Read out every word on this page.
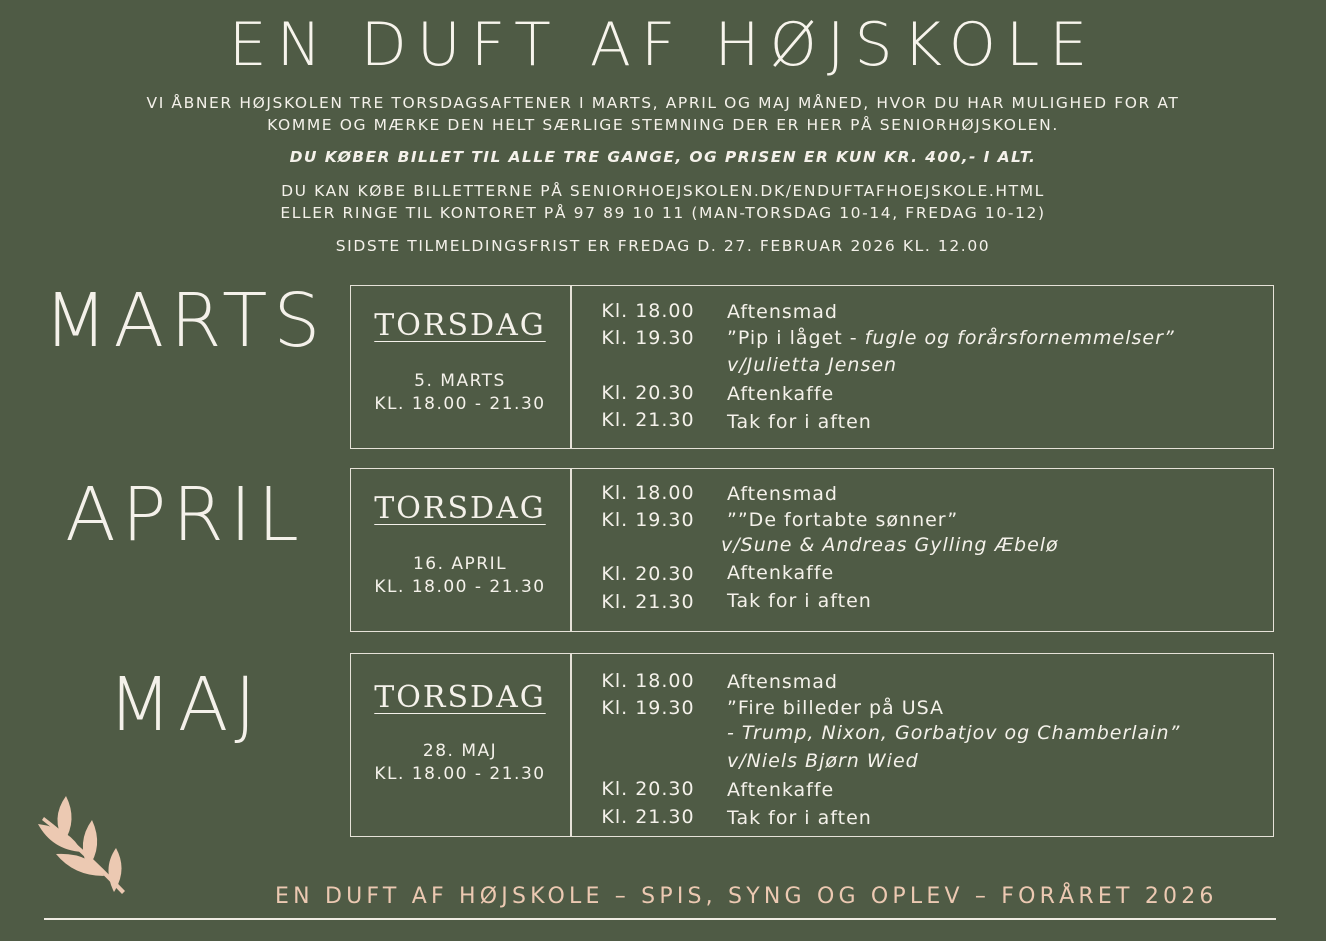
EN DUFT AF HØJSKOLE
VI ÅBNER HØJSKOLEN TRE TORSDAGSAFTENER I MARTS, APRIL OG MAJ MÅNED, HVOR DU HAR MULIGHED FOR AT
KOMME OG MÆRKE DEN HELT SÆRLIGE STEMNING DER ER HER PÅ SENIORHØJSKOLEN.
DU KØBER BILLET TIL ALLE TRE GANGE, OG PRISEN ER KUN KR. 400,- I ALT.
DU KAN KØBE BILLETTERNE PÅ SENIORHOEJSKOLEN.DK/ENDUFTAFHOEJSKOLE.HTML
ELLER RINGE TIL KONTORET PÅ 97 89 10 11 (MAN-TORSDAG 10-14, FREDAG 10-12)
SIDSTE TILMELDINGSFRIST ER FREDAG D. 27. FEBRUAR 2026 KL. 12.00
MARTS	TORSDAG
5. MARTS
KL. 18.00 - 21.30
Kl. 18.00 Aftensmad
Kl. 19.30 ”Pip i låget - fugle og forårsfornemmelser”
v/Julietta Jensen
Kl. 20.30 Aftenkaffe
Kl. 21.30 Tak for i aften
APRIL	TORSDAG
16. APRIL
KL. 18.00 - 21.30
Kl. 18.00 Aftensmad
Kl. 19.30 ””De fortabte sønner”
v/Sune & Andreas Gylling Æbelø
Kl. 20.30 Aftenkaffe
Kl. 21.30 Tak for i aften
MAJ	TORSDAG
28. MAJ
KL. 18.00 - 21.30
Kl. 18.00 Aftensmad
Kl. 19.30 ”Fire billeder på USA
- Trump, Nixon, Gorbatjov og Chamberlain”
v/Niels Bjørn Wied
Kl. 20.30 Aftenkaffe
Kl. 21.30 Tak for i aften
EN DUFT AF HØJSKOLE – SPIS, SYNG OG OPLEV – FORÅRET 2026
